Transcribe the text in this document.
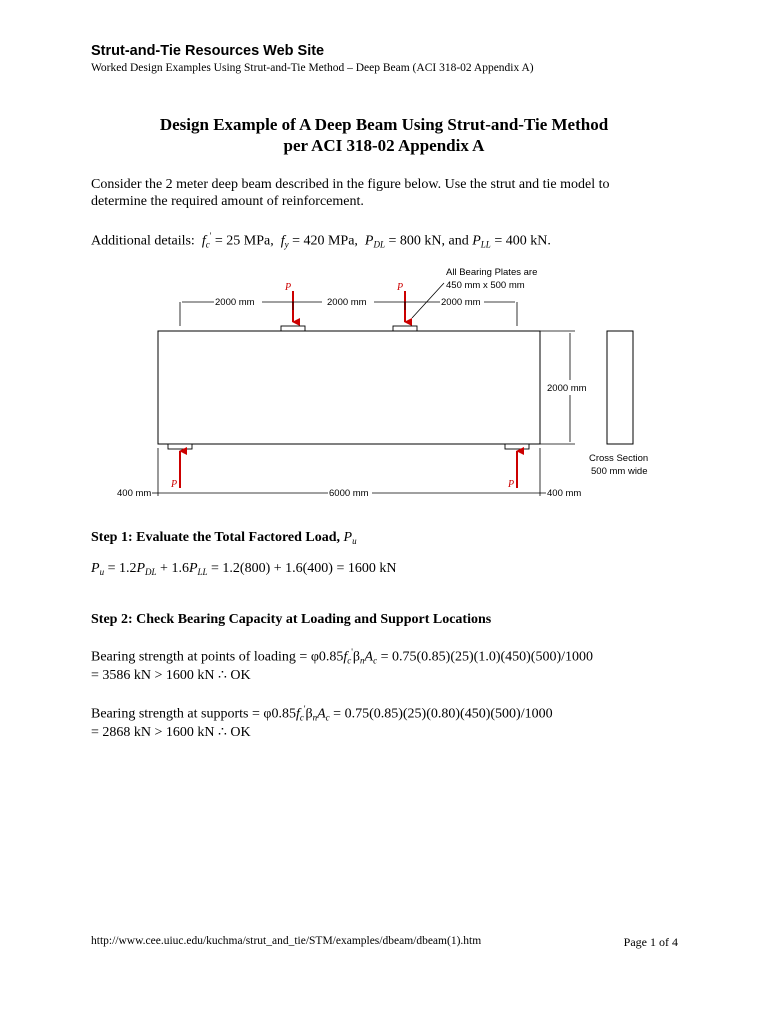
Strut-and-Tie Resources Web Site
Worked Design Examples Using Strut-and-Tie Method – Deep Beam (ACI 318-02 Appendix A)
Design Example of A Deep Beam Using Strut-and-Tie Method
per ACI 318-02 Appendix A
Consider the 2 meter deep beam described in the figure below. Use the strut and tie model to
determine the required amount of reinforcement.
Additional details: $f_c' = 25$ MPa, $f_y = 420$ MPa, $P_{DL} = 800$ kN, and $P_{LL} = 400$ kN.
All Bearing Plates are
450 mm x 500 mm
P	P
2000 mm	2000 mm	2000 mm
P	P
2000 mm
400 mm	6000 mm	400 mm
Cross Section
500 mm wide
Step 1: Evaluate the Total Factored Load, $P_u$
$P_u = 1.2P_{DL} + 1.6P_{LL} = 1.2(800) + 1.6(400) = 1600$ kN
Step 2: Check Bearing Capacity at Loading and Support Locations
Bearing strength at points of loading = $\varphi 0.85f_c'\beta_nA_c = 0.75(0.85)(25)(1.0)(450)(500)/1000$
= 3586 kN > 1600 kN ∴ OK
Bearing strength at supports = $\varphi 0.85f_c'\beta_nA_c = 0.75(0.85)(25)(0.80)(450)(500)/1000$
= 2868 kN > 1600 kN ∴ OK
http://www.cee.uiuc.edu/kuchma/strut_and_tie/STM/examples/dbeam/dbeam(1).htm	Page 1 of 4
